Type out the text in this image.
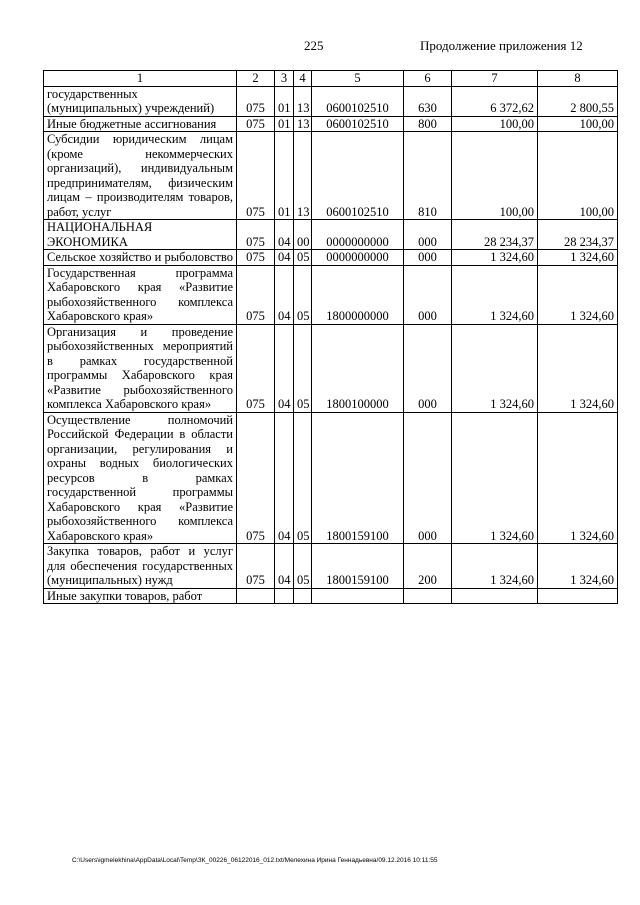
225	Продолжение приложения 12
1	2	3	4	5	6	7	8
государственных (муниципальных) учреждений)	075	01	13	0600102510	630	6 372,62	2 800,55
Иные бюджетные ассигнования	075	01	13	0600102510	800	100,00	100,00
Субсидии юридическим лицам (кроме некоммерческих организаций), индивидуальным предпринимателям, физическим лицам – производителям товаров, работ, услуг	075	01	13	0600102510	810	100,00	100,00
НАЦИОНАЛЬНАЯ ЭКОНОМИКА	075	04	00	0000000000	000	28 234,37	28 234,37
Сельское хозяйство и рыболовство	075	04	05	0000000000	000	1 324,60	1 324,60
Государственная программа Хабаровского края «Развитие рыбохозяйственного комплекса Хабаровского края»	075	04	05	1800000000	000	1 324,60	1 324,60
Организация и проведение рыбохозяйственных мероприятий в рамках государственной программы Хабаровского края «Развитие рыбохозяйственного комплекса Хабаровского края»	075	04	05	1800100000	000	1 324,60	1 324,60
Осуществление полномочий Российской Федерации в области организации, регулирования и охраны водных биологических ресурсов в рамках государственной программы Хабаровского края «Развитие рыбохозяйственного комплекса Хабаровского края»	075	04	05	1800159100	000	1 324,60	1 324,60
Закупка товаров, работ и услуг для обеспечения государственных (муниципальных) нужд	075	04	05	1800159100	200	1 324,60	1 324,60
Иные закупки товаров, работ							
C:\Users\igmelekhina\AppData\Local\Temp\ЗК_00226_06122016_012.txt/Мелехина Ирина Геннадьевна/09.12.2016 10:11:55
